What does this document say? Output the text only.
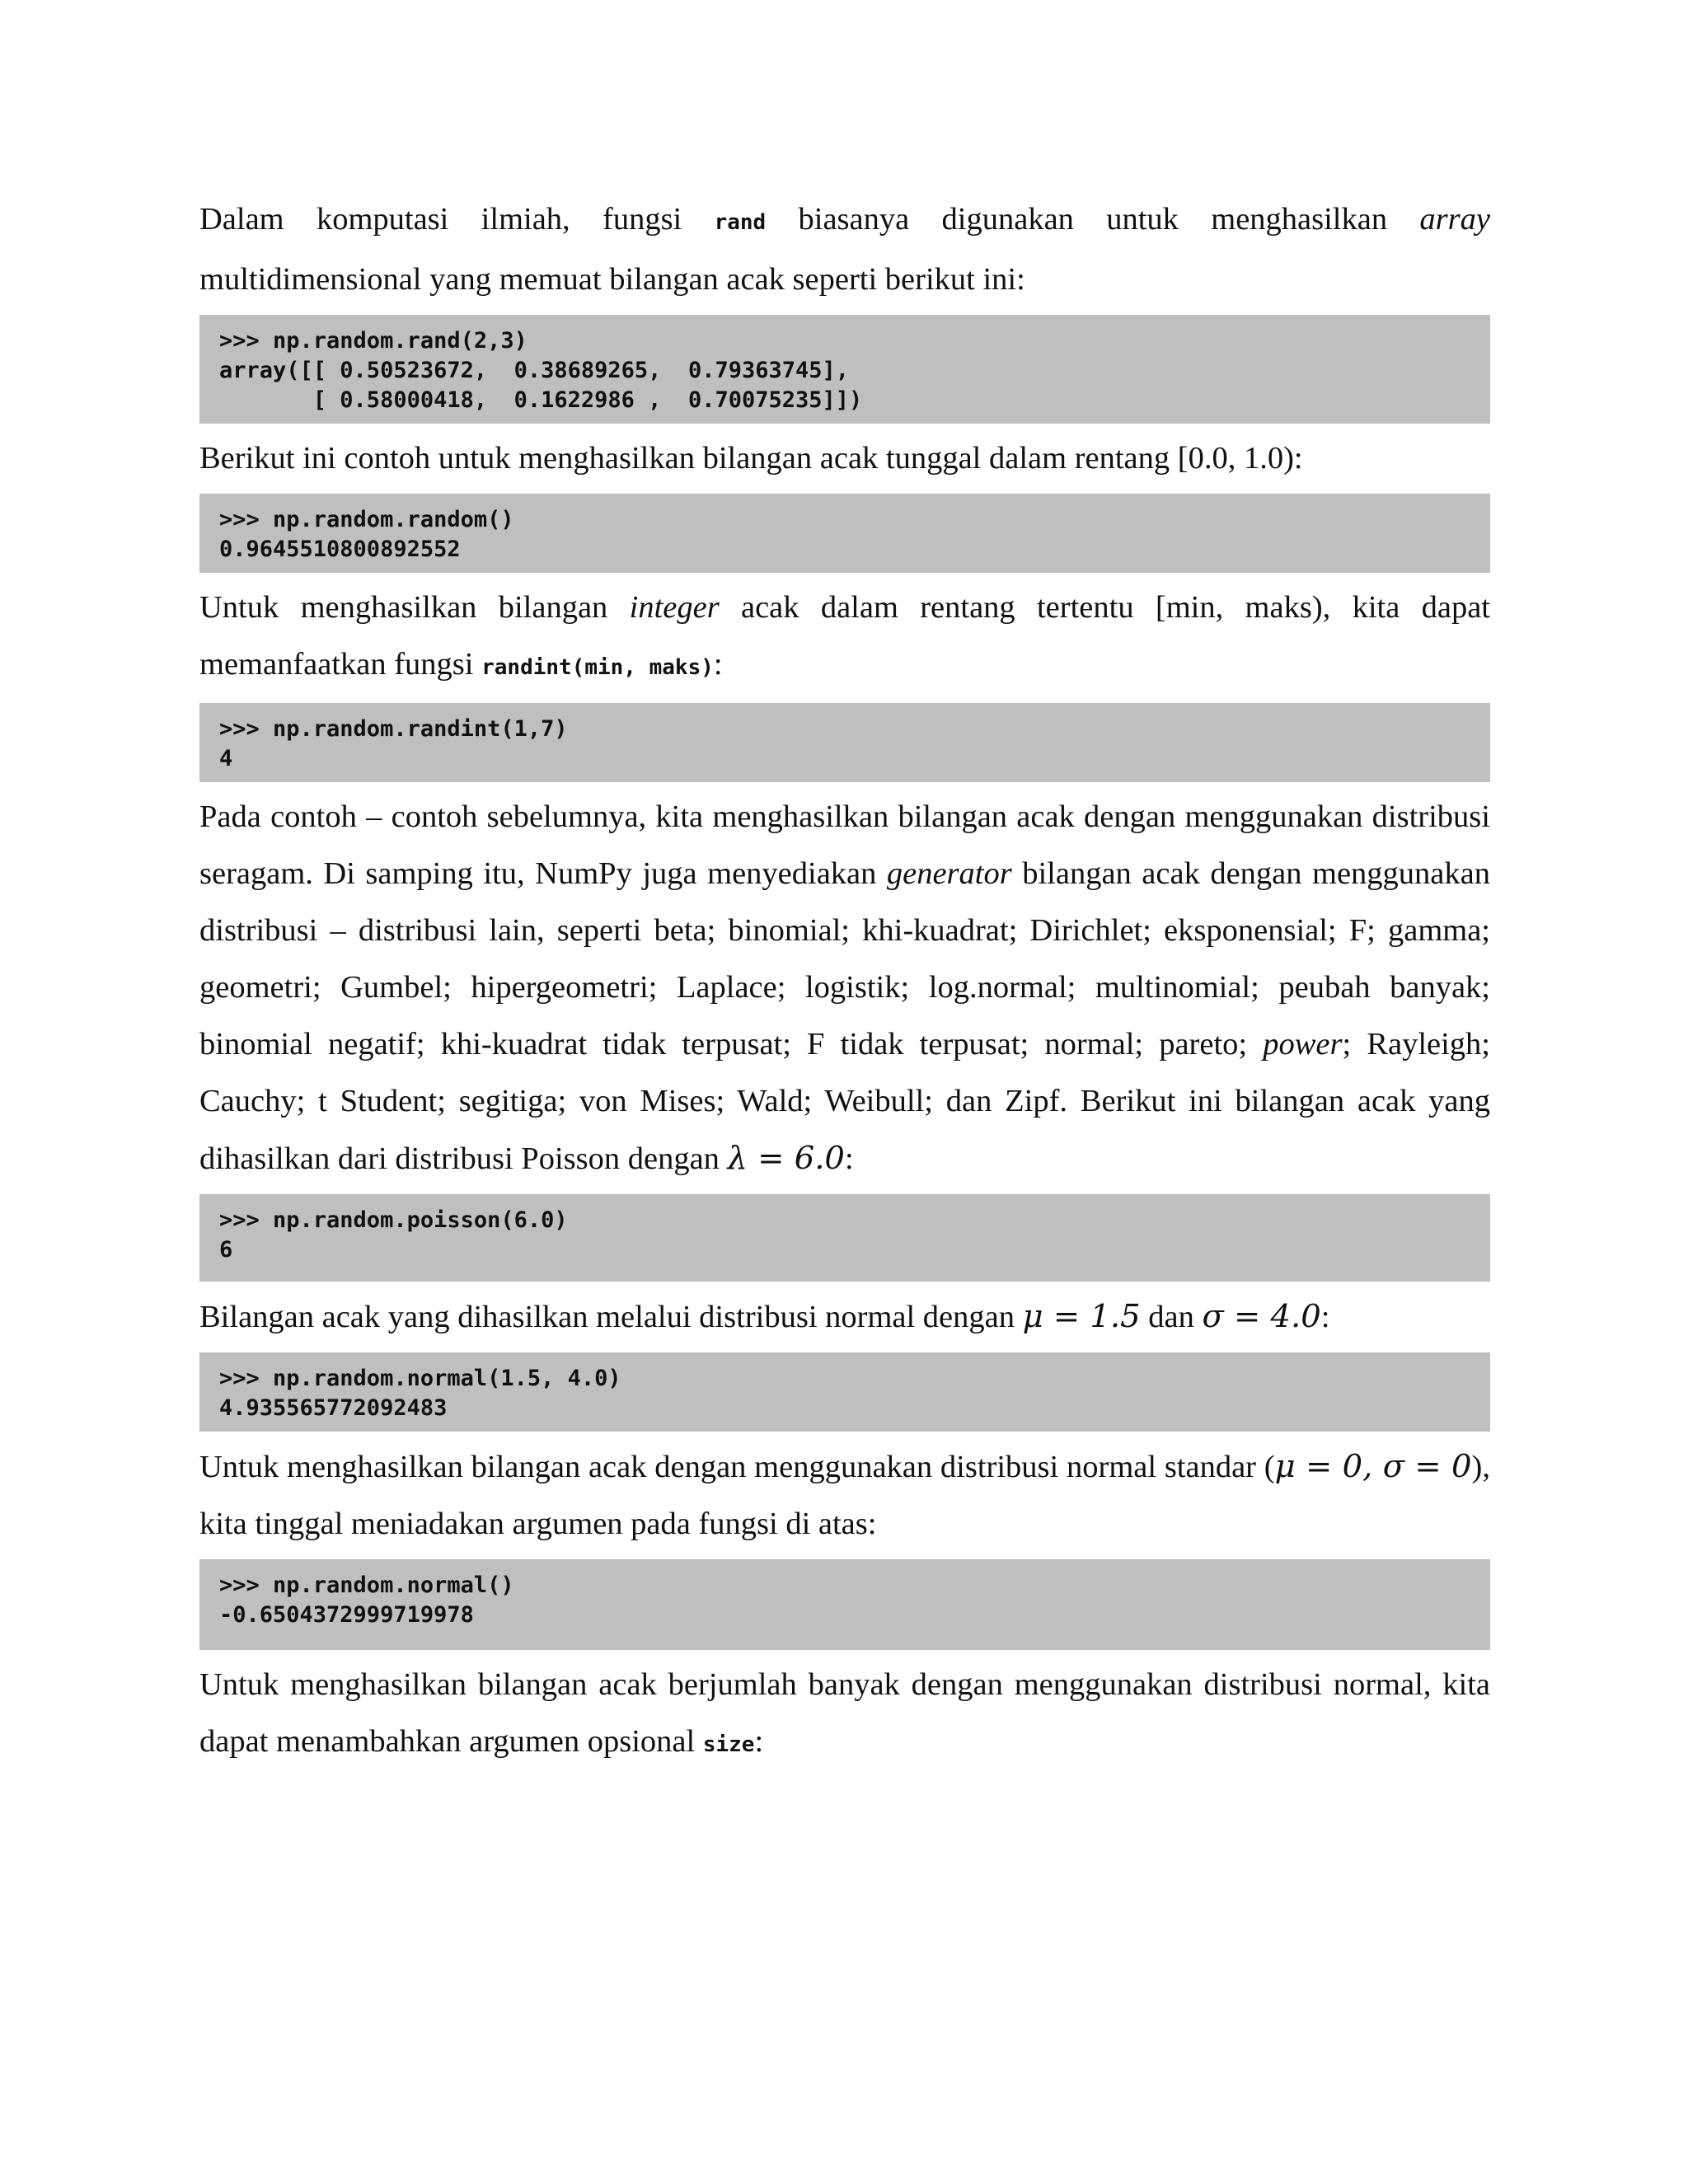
Dalam komputasi ilmiah, fungsi rand biasanya digunakan untuk menghasilkan array multidimensional yang memuat bilangan acak seperti berikut ini:

>>> np.random.rand(2,3)
array([[ 0.50523672,  0.38689265,  0.79363745],
[ 0.58000418,  0.1622986 ,  0.70075235]])

Berikut ini contoh untuk menghasilkan bilangan acak tunggal dalam rentang [0.0, 1.0):

>>> np.random.random()
0.9645510800892552

Untuk menghasilkan bilangan integer acak dalam rentang tertentu [min, maks), kita dapat memanfaatkan fungsi randint(min, maks):

>>> np.random.randint(1,7)
4

Pada contoh – contoh sebelumnya, kita menghasilkan bilangan acak dengan menggunakan distribusi seragam. Di samping itu, NumPy juga menyediakan generator bilangan acak dengan menggunakan distribusi – distribusi lain, seperti beta; binomial; khi-kuadrat; Dirichlet; eksponensial; F; gamma; geometri; Gumbel; hipergeometri; Laplace; logistik; log.normal; multinomial; peubah banyak; binomial negatif; khi-kuadrat tidak terpusat; F tidak terpusat; normal; pareto; power; Rayleigh; Cauchy; t Student; segitiga; von Mises; Wald; Weibull; dan Zipf. Berikut ini bilangan acak yang dihasilkan dari distribusi Poisson dengan λ = 6.0:

>>> np.random.poisson(6.0)
6

Bilangan acak yang dihasilkan melalui distribusi normal dengan μ = 1.5 dan σ = 4.0:

>>> np.random.normal(1.5, 4.0)
4.935565772092483

Untuk menghasilkan bilangan acak dengan menggunakan distribusi normal standar (μ = 0, σ = 0), kita tinggal meniadakan argumen pada fungsi di atas:

>>> np.random.normal()
-0.6504372999719978

Untuk menghasilkan bilangan acak berjumlah banyak dengan menggunakan distribusi normal, kita dapat menambahkan argumen opsional size:
